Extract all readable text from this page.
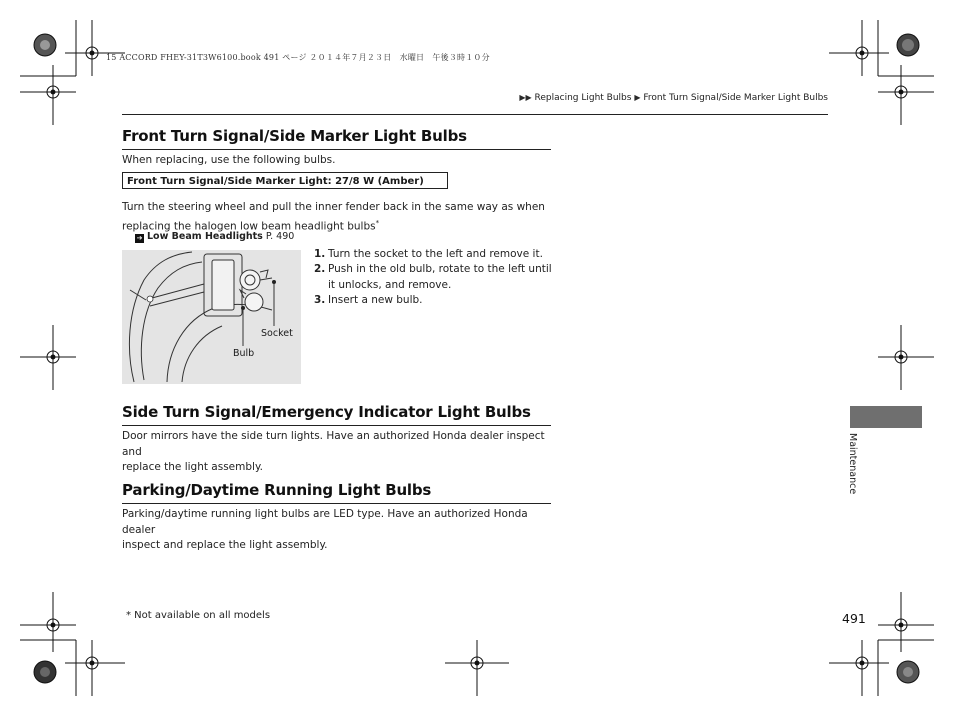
15 ACCORD FHEY-31T3W6100.book 491 ページ ２０１４年７月２３日　水曜日　午後３時１０分
▶▶ Replacing Light Bulbs ▶ Front Turn Signal/Side Marker Light Bulbs
Front Turn Signal/Side Marker Light Bulbs
When replacing, use the following bulbs.
Front Turn Signal/Side Marker Light: 27/8 W (Amber)
Turn the steering wheel and pull the inner fender back in the same way as when
replacing the halogen low beam headlight bulbs*
➔ Low Beam Headlights P. 490
Socket
Bulb
1. Turn the socket to the left and remove it.
2. Push in the old bulb, rotate to the left until it unlocks, and remove.
3. Insert a new bulb.
Side Turn Signal/Emergency Indicator Light Bulbs
Door mirrors have the side turn lights. Have an authorized Honda dealer inspect and
replace the light assembly.
Parking/Daytime Running Light Bulbs
Parking/daytime running light bulbs are LED type. Have an authorized Honda dealer
inspect and replace the light assembly.
Maintenance
* Not available on all models	491
